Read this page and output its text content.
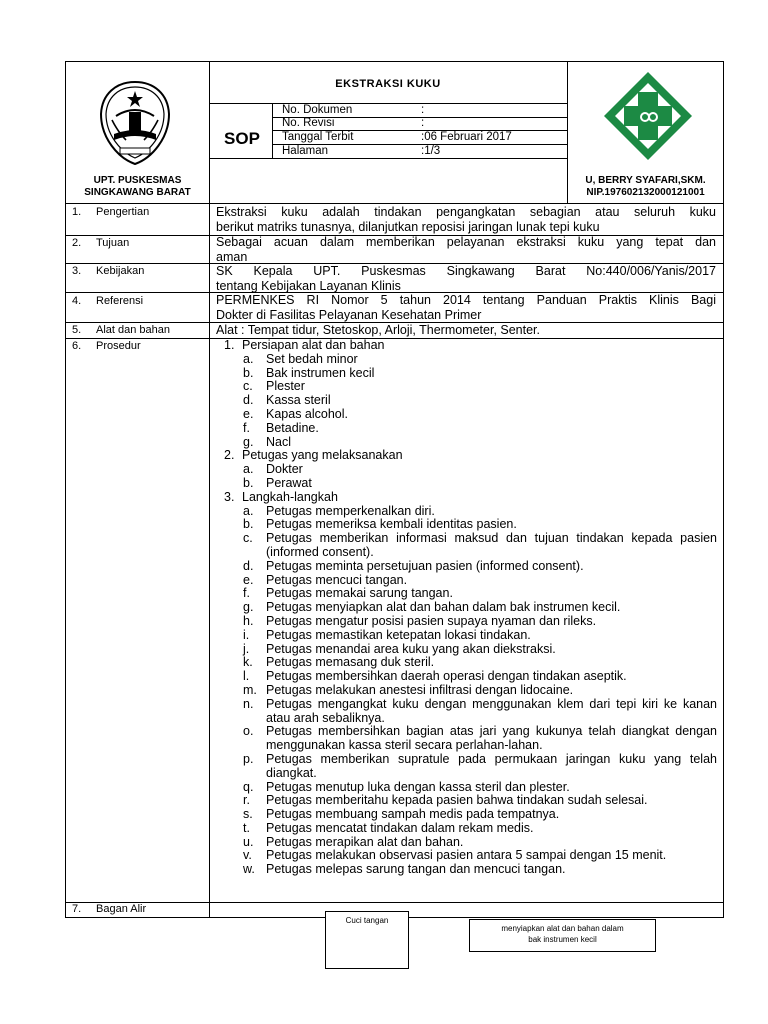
UPT. PUSKESMAS
SINGKAWANG BARAT
EKSTRAKSI KUKU
SOP
No. Dokumen	:
No. Revisi	:
Tanggal Terbit	:06 Februari 2017
Halaman	:1/3
U, BERRY SYAFARI,SKM.
NIP.197602132000121001
1. Pengertian	Ekstraksi kuku adalah tindakan pengangkatan sebagian atau seluruh kuku
berikut matriks tunasnya, dilanjutkan reposisi jaringan lunak tepi kuku
2. Tujuan	Sebagai acuan dalam memberikan pelayanan ekstraksi kuku yang tepat dan
aman
3. Kebijakan	SK Kepala UPT. Puskesmas Singkawang Barat No:440/006/Yanis/2017
tentang Kebijakan Layanan Klinis
4. Referensi	PERMENKES RI Nomor 5 tahun 2014 tentang Panduan Praktis Klinis Bagi
Dokter di Fasilitas Pelayanan Kesehatan Primer
5. Alat dan bahan	Alat : Tempat tidur, Stetoskop, Arloji, Thermometer, Senter.
6. Prosedur	1. Persiapan alat dan bahan
a. Set bedah minor
b. Bak instrumen kecil
c. Plester
d. Kassa steril
e. Kapas alcohol.
f. Betadine.
g. Nacl
2. Petugas yang melaksanakan
a. Dokter
b. Perawat
3. Langkah-langkah
a. Petugas memperkenalkan diri.
b. Petugas memeriksa kembali identitas pasien.
c. Petugas memberikan informasi maksud dan tujuan tindakan kepada pasien (informed consent).
d. Petugas meminta persetujuan pasien (informed consent).
e. Petugas mencuci tangan.
f. Petugas memakai sarung tangan.
g. Petugas menyiapkan alat dan bahan dalam bak instrumen kecil.
h. Petugas mengatur posisi pasien supaya nyaman dan rileks.
i. Petugas memastikan ketepatan lokasi tindakan.
j. Petugas menandai area kuku yang akan diekstraksi.
k. Petugas memasang duk steril.
l. Petugas membersihkan daerah operasi dengan tindakan aseptik.
m. Petugas melakukan anestesi infiltrasi dengan lidocaine.
n. Petugas mengangkat kuku dengan menggunakan klem dari tepi kiri ke kanan atau arah sebaliknya.
o. Petugas membersihkan bagian atas jari yang kukunya telah diangkat dengan menggunakan kassa steril secara perlahan-lahan.
p. Petugas memberikan supratule pada permukaan jaringan kuku yang telah diangkat.
q. Petugas menutup luka dengan kassa steril dan plester.
r. Petugas memberitahu kepada pasien bahwa tindakan sudah selesai.
s. Petugas membuang sampah medis pada tempatnya.
t. Petugas mencatat tindakan dalam rekam medis.
u. Petugas merapikan alat dan bahan.
v. Petugas melakukan observasi pasien antara 5 sampai dengan 15 menit.
w. Petugas melepas sarung tangan dan mencuci tangan.
7. Bagan Alir
Cuci tangan
menyiapkan alat dan bahan dalam
bak instrumen kecil
